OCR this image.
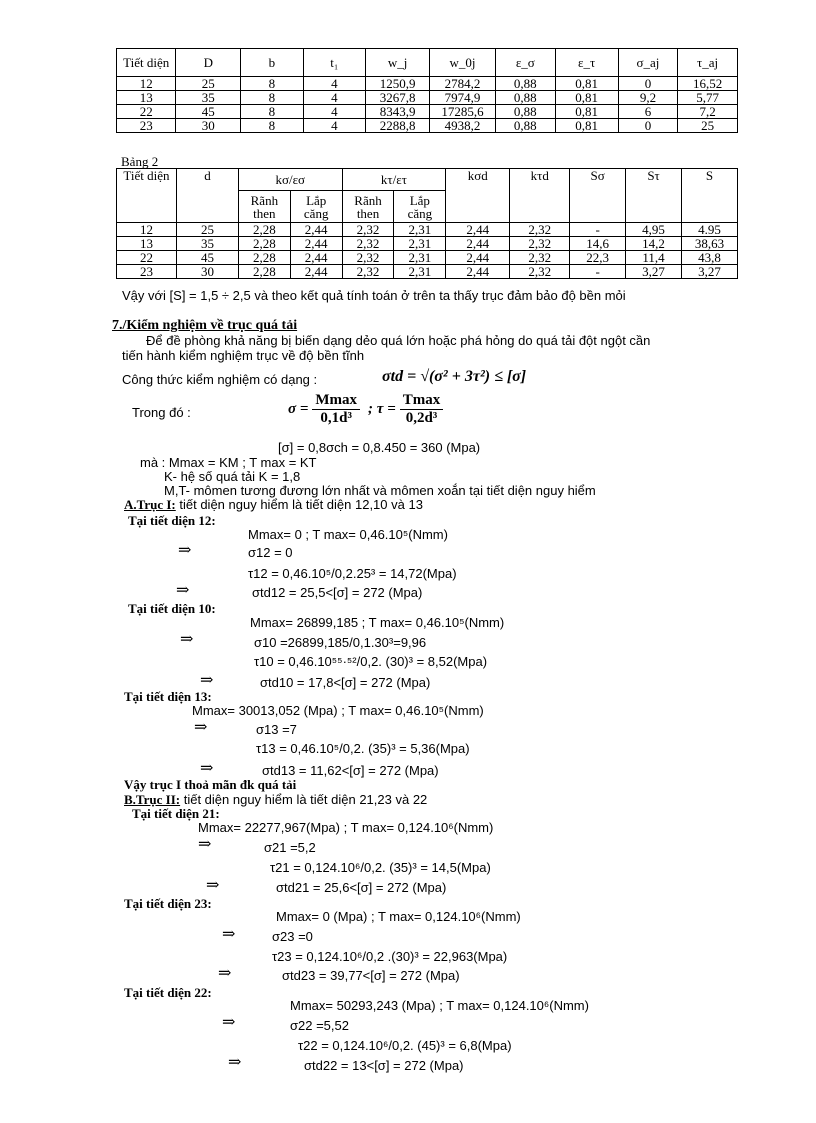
Tiết diện	D	b	t₁	w_j	w_0j	ε_σ	ε_τ	σ_aj	τ_aj
12	25	8	4	1250,9	2784,2	0,88	0,81	0	16,52
13	35	8	4	3267,8	7974,9	0,88	0,81	9,2	5,77
22	45	8	4	8343,9	17285,6	0,88	0,81	6	7,2
23	30	8	4	2288,8	4938,2	0,88	0,81	0	25
Bảng 2
Tiết diện	d	kσ/εσ		kτ/ετ		kσd	kτd	Sσ	Sτ	S
		Rãnh then	Lắp căng	Rãnh then	Lắp căng					
12	25	2,28	2,44	2,32	2,31	2,44	2,32	-	4,95	4.95
13	35	2,28	2,44	2,32	2,31	2,44	2,32	14,6	14,2	38,63
22	45	2,28	2,44	2,32	2,31	2,44	2,32	22,3	11,4	43,8
23	30	2,28	2,44	2,32	2,31	2,44	2,32	-	3,27	3,27
Vậy với [S] = 1,5 ÷ 2,5 và theo kết quả tính toán ở trên ta thấy trục đảm bảo độ bền mỏi
7./Kiểm nghiệm về trục quá tải
Để đề phòng khả năng bị biến dạng dẻo quá lớn hoặc phá hỏng do quá tải đột ngột cần
tiến hành kiểm nghiệm trục về độ bền tĩnh
Công thức kiểm nghiệm có dạng :	σtd = √(σ² + 3τ²) ≤ [σ]
Trong đó :	$\sigma = \frac{Mmax}{\text{0,1d³}}$ ; $\tau = \frac{Tmax}{\text{0,2d³}}$
[σ] = 0,8σch = 0,8.450 = 360 (Mpa)
mà : Mmax = KM ; T max = KT
K- hệ số quá tải K = 1,8
M,T- mômen tương đương lớn nhất và mômen xoắn tại tiết diện nguy hiểm
A.Trục I: tiết diện nguy hiểm là tiết diện 12,10 và 13
Tại tiết diện 12:
Mmax= 0 ; T max= 0,46.10⁵(Nmm)
⇒	σ12 = 0
τ12 = 0,46.10⁵/0,2.25³ = 14,72(Mpa)
⇒	σtd12 = 25,5<[σ] = 272 (Mpa)
Tại tiết diện 10:
Mmax= 26899,185 ; T max= 0,46.10⁵(Nmm)
⇒	σ10 =26899,185/0,1.30³=9,96
τ10 = 0,46.10⁵⁵·⁵²/0,2. (30)³ = 8,52(Mpa)
⇒	σtd10 = 17,8<[σ] = 272 (Mpa)
Tại tiết diện 13:
Mmax= 30013,052 (Mpa) ; T max= 0,46.10⁵(Nmm)
⇒	σ13 =7
τ13 = 0,46.10⁵/0,2. (35)³ = 5,36(Mpa)
⇒	σtd13 = 11,62<[σ] = 272 (Mpa)
Vậy trục I thoả mãn đk quá tải
B.Trục II: tiết diện nguy hiểm là tiết diện 21,23 và 22
Tại tiết diện 21:
Mmax= 22277,967(Mpa) ; T max= 0,124.10⁶(Nmm)
⇒	σ21 =5,2
τ21 = 0,124.10⁶/0,2. (35)³ = 14,5(Mpa)
⇒	σtd21 = 25,6<[σ] = 272 (Mpa)
Tại tiết diện 23:
Mmax= 0 (Mpa) ; T max= 0,124.10⁶(Nmm)
⇒	σ23 =0
τ23 = 0,124.10⁶/0,2 .(30)³ = 22,963(Mpa)
⇒	σtd23 = 39,77<[σ] = 272 (Mpa)
Tại tiết diện 22:
Mmax= 50293,243 (Mpa) ; T max= 0,124.10⁶(Nmm)
⇒	σ22 =5,52
τ22 = 0,124.10⁶/0,2. (45)³ = 6,8(Mpa)
⇒	σtd22 = 13<[σ] = 272 (Mpa)
